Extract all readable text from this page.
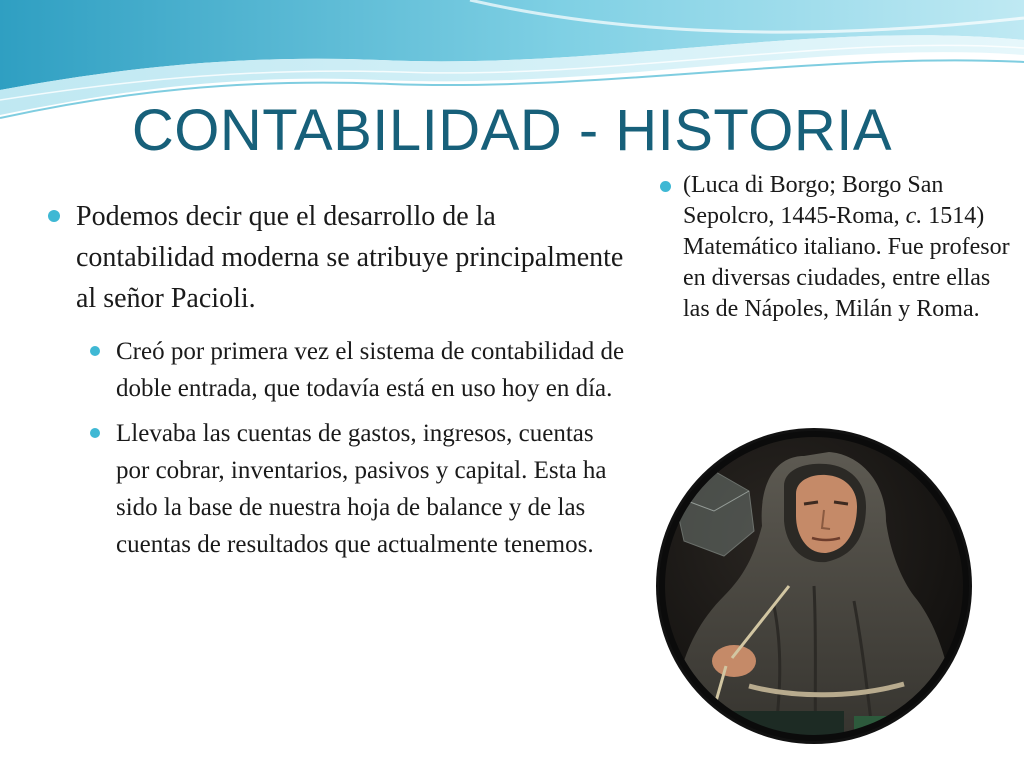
CONTABILIDAD - HISTORIA
Podemos decir que el desarrollo de la contabilidad moderna se atribuye principalmente al señor Pacioli.
Creó por primera vez el sistema de contabilidad de doble entrada, que todavía está en uso hoy en día.
Llevaba las cuentas de gastos, ingresos, cuentas por cobrar, inventarios, pasivos y capital. Esta ha sido la base de nuestra hoja de balance y de las cuentas de resultados que actualmente tenemos.
(Luca di Borgo; Borgo San Sepolcro, 1445-Roma, c. 1514) Matemático italiano. Fue profesor en diversas ciudades, entre ellas las de Nápoles, Milán y Roma.
